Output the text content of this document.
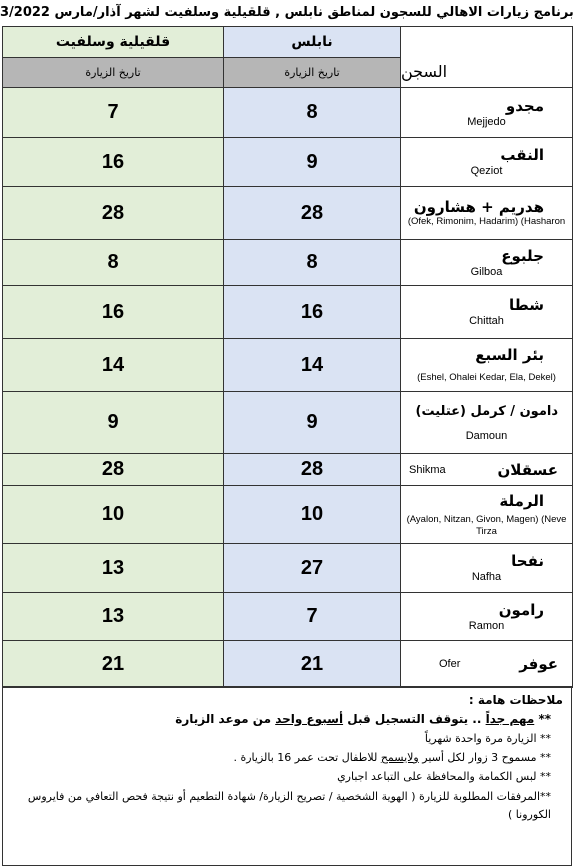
برنامج زيارات الاهالي للسجون لمناطق نابلس , قلقيلية وسلفيت لشهر آذار/مارس 3/2022
قلقيلية وسلفيت	نابلس	السجن

تاريخ الزيارة	تاريخ الزيارة	
7	8	مجدو
Mejjedo

16	9	النقب
Qeziot

28	28	هدريم + هشارون
(Ofek, Rimonim, Hadarim) (Hasharon

8	8	جلبوع
Gilboa

16	16	شطا
Chittah

14	14	بئر السبع
(Eshel, Ohalei Kedar, Ela, Dekel)

9	9	دامون / كرمل (عتليت)
Damoun

28	28	Shikma عسقلان

10	10	الرملة
(Ayalon, Nitzan, Givon, Magen) (Neve Tirza

13	27	نفحا
Nafha

13	7	رامون
Ramon

21	21	Ofer عوفر
ملاحظات هامة :
** مهم جداً .. يتوقف التسجيل قبل أسبوع واحد من موعد الزيارة
** الزيارة مرة واحدة شهرياً
** مسموح 3 زوار لكل أسير ولايسمح للاطفال تحت عمر 16 بالزيارة .
** لبس الكمامة والمحافظة على التباعد اجباري
**المرفقات المطلوبة للزيارة ( الهوية الشخصية / تصريح الزيارة/ شهادة التطعيم أو نتيجة فحص التعافي من فايروس الكورونا )
